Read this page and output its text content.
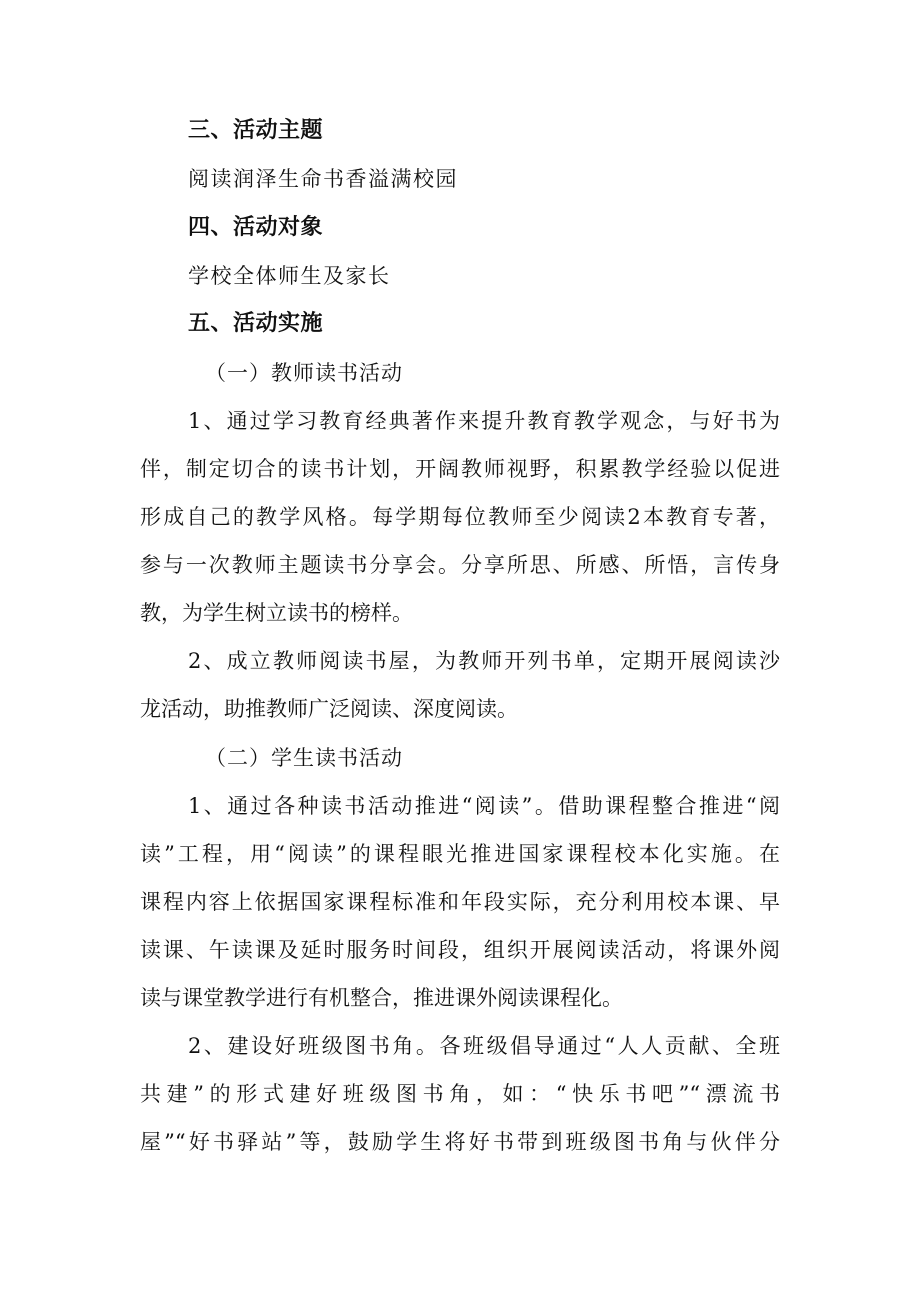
三、活动主题
阅读润泽生命书香溢满校园
四、活动对象
学校全体师生及家长
五、活动实施
（一）教师读书活动
1、通过学习教育经典著作来提升教育教学观念，与好书为
伴，制定切合的读书计划，开阔教师视野，积累教学经验以促进
形成自己的教学风格。每学期每位教师至少阅读2本教育专著，
参与一次教师主题读书分享会。分享所思、所感、所悟，言传身
教，为学生树立读书的榜样。
2、成立教师阅读书屋，为教师开列书单，定期开展阅读沙
龙活动，助推教师广泛阅读、深度阅读。
（二）学生读书活动
1、通过各种读书活动推进“阅读”。借助课程整合推进“阅
读”工程，用“阅读”的课程眼光推进国家课程校本化实施。在
课程内容上依据国家课程标准和年段实际，充分利用校本课、早
读课、午读课及延时服务时间段，组织开展阅读活动，将课外阅
读与课堂教学进行有机整合，推进课外阅读课程化。
2、建设好班级图书角。各班级倡导通过“人人贡献、全班
共建”的形式建好班级图书角，如：“快乐书吧”“漂流书
屋”“好书驿站”等，鼓励学生将好书带到班级图书角与伙伴分
